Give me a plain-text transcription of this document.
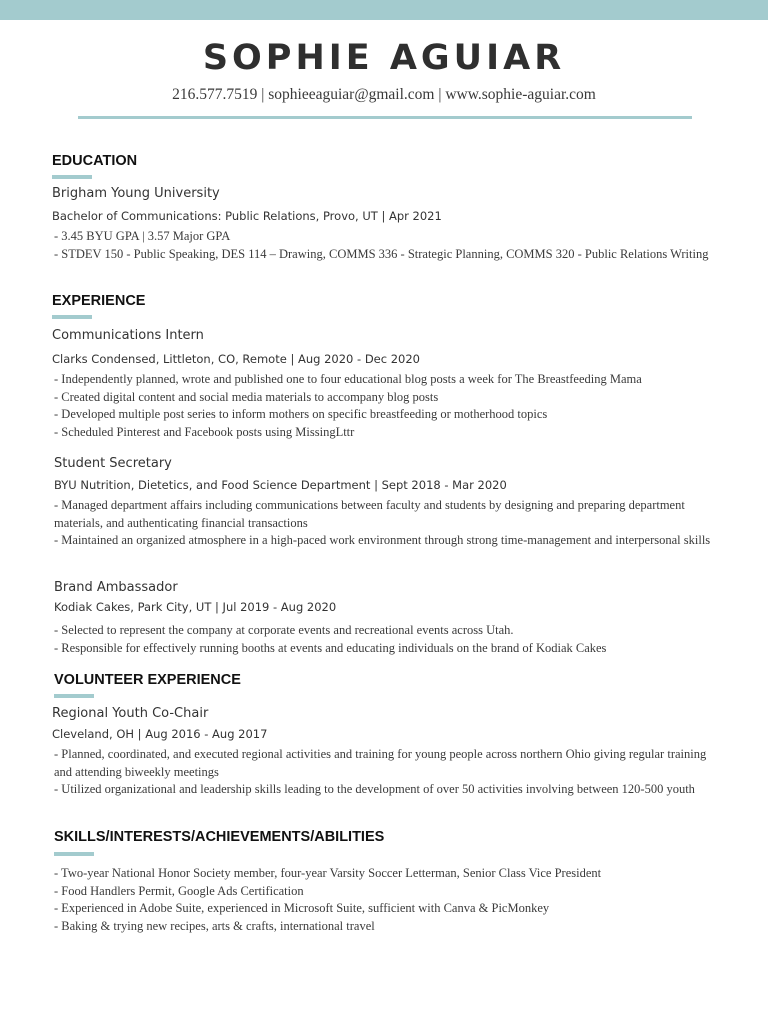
SOPHIE AGUIAR
216.577.7519 | sophieeaguiar@gmail.com | www.sophie-aguiar.com
EDUCATION
Brigham Young University
Bachelor of Communications: Public Relations, Provo, UT | Apr 2021
- 3.45 BYU GPA | 3.57 Major GPA
- STDEV 150 - Public Speaking, DES 114 – Drawing, COMMS 336 - Strategic Planning, COMMS 320 - Public Relations Writing
EXPERIENCE
Communications Intern
Clarks Condensed, Littleton, CO, Remote | Aug 2020 - Dec 2020
- Independently planned, wrote and published one to four educational blog posts a week for The Breastfeeding Mama
- Created digital content and social media materials to accompany blog posts
- Developed multiple post series to inform mothers on specific breastfeeding or motherhood topics
- Scheduled Pinterest and Facebook posts using MissingLttr
Student Secretary
BYU Nutrition, Dietetics, and Food Science Department | Sept 2018 - Mar 2020
- Managed department affairs including communications between faculty and students by designing and preparing department materials, and authenticating financial transactions
- Maintained an organized atmosphere in a high-paced work environment through strong time-management and interpersonal skills
Brand Ambassador
Kodiak Cakes, Park City, UT | Jul 2019 - Aug 2020
- Selected to represent the company at corporate events and recreational events across Utah.
- Responsible for effectively running booths at events and educating individuals on the brand of Kodiak Cakes
VOLUNTEER EXPERIENCE
Regional Youth Co-Chair
Cleveland, OH | Aug 2016 - Aug 2017
- Planned, coordinated, and executed regional activities and training for young people across northern Ohio giving regular training and attending biweekly meetings
- Utilized organizational and leadership skills leading to the development of over 50 activities involving between 120-500 youth
SKILLS/INTERESTS/ACHIEVEMENTS/ABILITIES
- Two-year National Honor Society member, four-year Varsity Soccer Letterman, Senior Class Vice President
- Food Handlers Permit, Google Ads Certification
- Experienced in Adobe Suite, experienced in Microsoft Suite, sufficient with Canva & PicMonkey
- Baking & trying new recipes, arts & crafts, international travel
